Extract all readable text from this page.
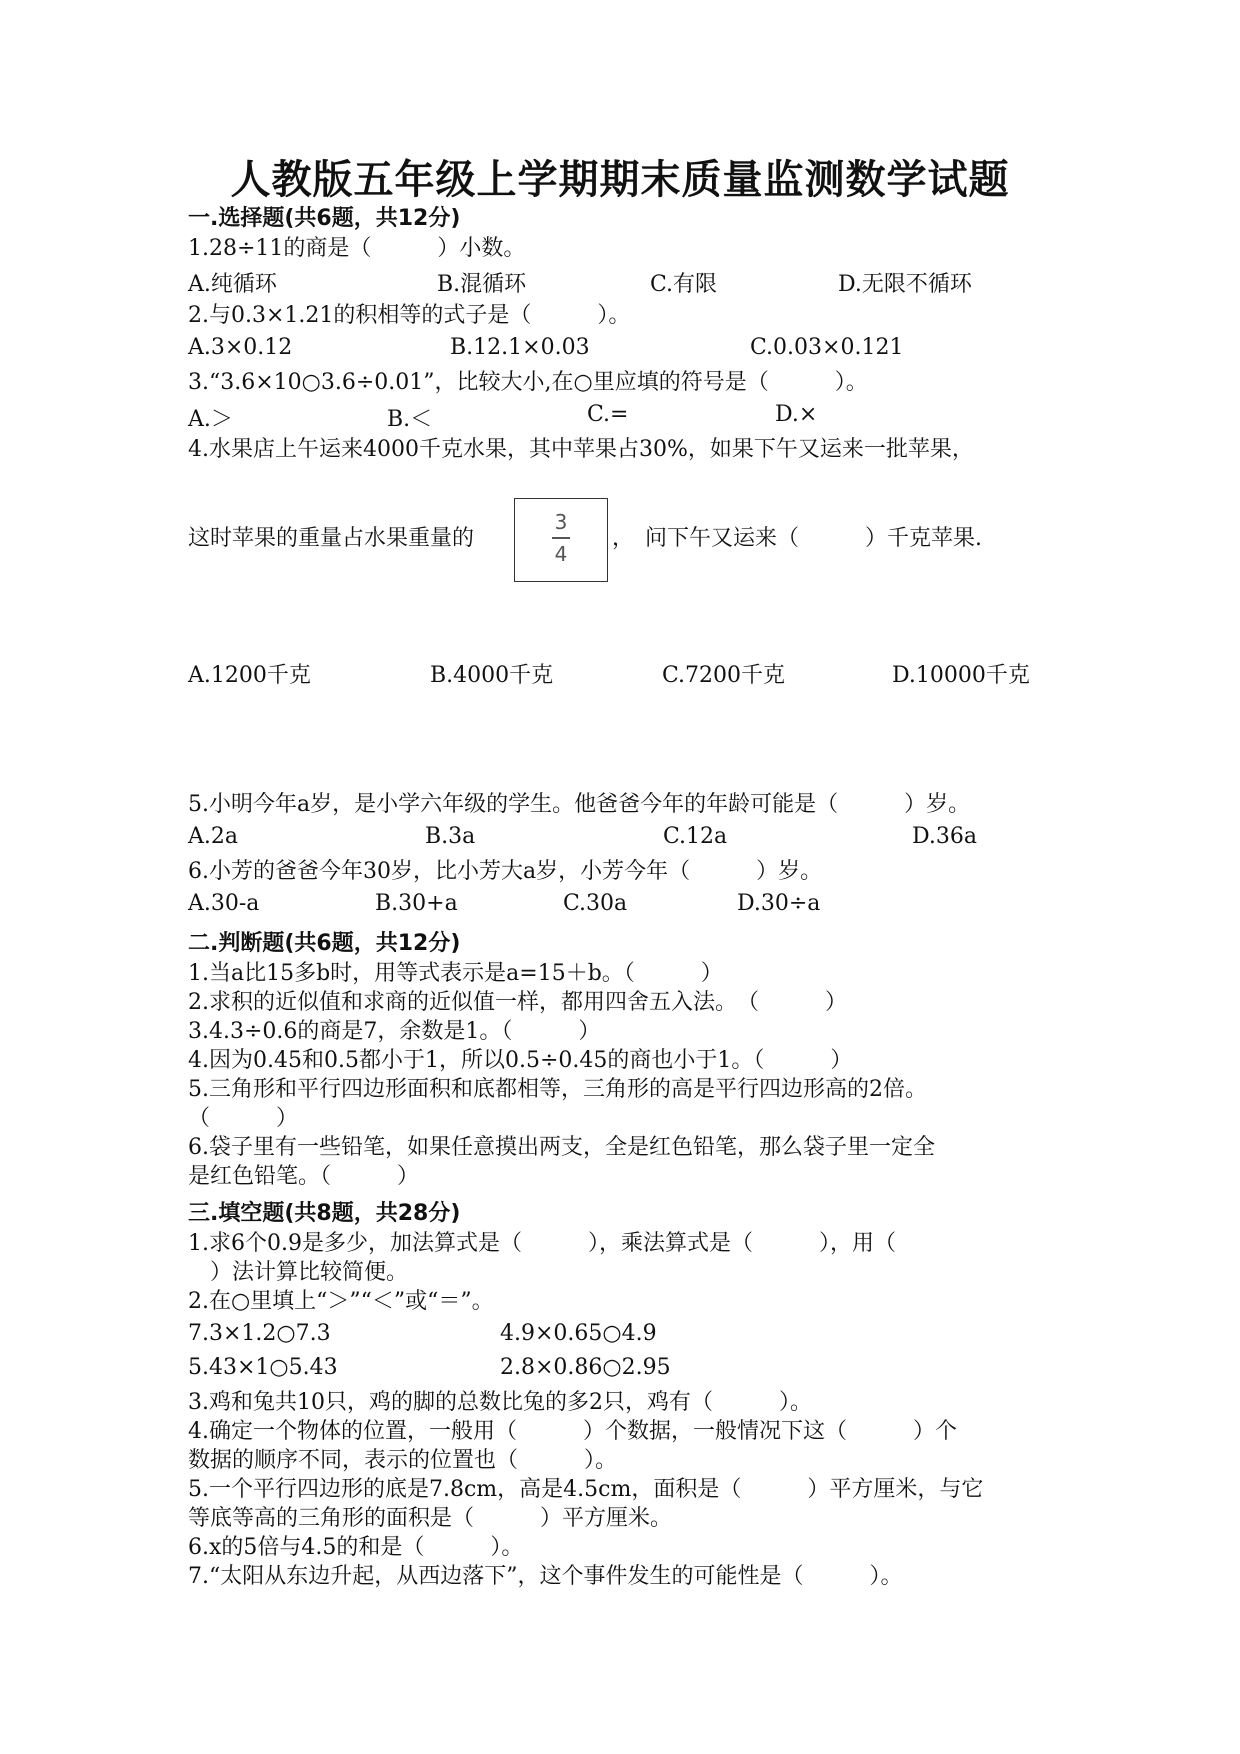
人教版五年级上学期期末质量监测数学试题
一.选择题(共6题，共12分)
1.28÷11的商是（　　　）小数。
A.纯循环	B.混循环	C.有限	D.无限不循环
2.与0.3×1.21的积相等的式子是（　　　）。
A.3×0.12	B.12.1×0.03	C.0.03×0.121
3.“3.6×10○3.6÷0.01”，比较大小,在○里应填的符号是（　　　）。
A.＞	B.＜	C.=	D.×
4.水果店上午运来4000千克水果，其中苹果占30%，如果下午又运来一批苹果，
这时苹果的重量占水果重量的
3
4
，　问下午又运来（　　　）千克苹果.
A.1200千克	B.4000千克	C.7200千克	D.10000千克
5.小明今年a岁，是小学六年级的学生。他爸爸今年的年龄可能是（　　　）岁。
A.2a	B.3a	C.12a	D.36a
6.小芳的爸爸今年30岁，比小芳大a岁，小芳今年（　　　）岁。
A.30-a	B.30+a	C.30a	D.30÷a
二.判断题(共6题，共12分)
1.当a比15多b时，用等式表示是a=15＋b。（　　　）
2.求积的近似值和求商的近似值一样，都用四舍五入法。　（　　　）
3.4.3÷0.6的商是7，余数是1。（　　　）
4.因为0.45和0.5都小于1，所以0.5÷0.45的商也小于1。（　　　）
5.三角形和平行四边形面积和底都相等，三角形的高是平行四边形高的2倍。
（　　　）
6.袋子里有一些铅笔，如果任意摸出两支，全是红色铅笔，那么袋子里一定全
是红色铅笔。（　　　）
三.填空题(共8题，共28分)
1.求6个0.9是多少，加法算式是（　　　），乘法算式是（　　　），用（
　）法计算比较简便。
2.在○里填上“＞”“＜”或“＝”。
7.3×1.2○7.3	4.9×0.65○4.9
5.43×1○5.43	2.8×0.86○2.95
3.鸡和兔共10只，鸡的脚的总数比兔的多2只，鸡有（　　　）。
4.确定一个物体的位置，一般用（　　　）个数据，一般情况下这（　　　）个
数据的顺序不同，表示的位置也（　　　）。
5.一个平行四边形的底是7.8cm，高是4.5cm，面积是（　　　）平方厘米，与它
等底等高的三角形的面积是（　　　）平方厘米。
6.x的5倍与4.5的和是（　　　）。
7.“太阳从东边升起，从西边落下”，这个事件发生的可能性是（　　　）。
